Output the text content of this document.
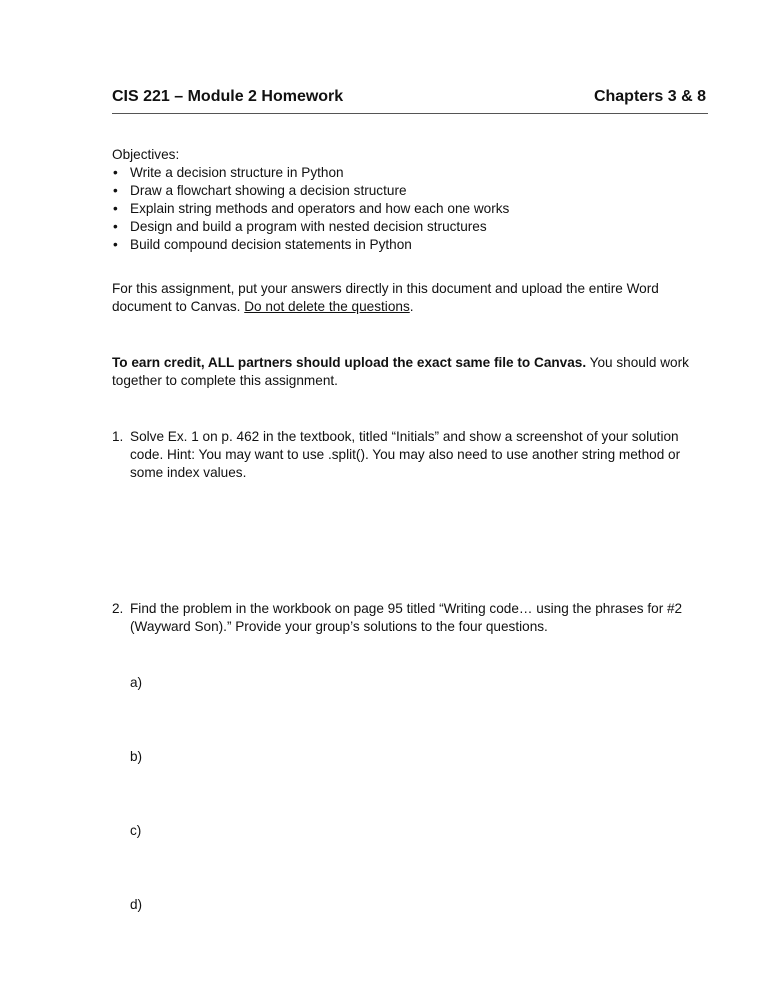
CIS 221 – Module 2 Homework	Chapters 3 & 8
Objectives:
• Write a decision structure in Python
• Draw a flowchart showing a decision structure
• Explain string methods and operators and how each one works
• Design and build a program with nested decision structures
• Build compound decision statements in Python
For this assignment, put your answers directly in this document and upload the entire Word document to Canvas. Do not delete the questions.
To earn credit, ALL partners should upload the exact same file to Canvas. You should work together to complete this assignment.
1. Solve Ex. 1 on p. 462 in the textbook, titled “Initials” and show a screenshot of your solution code. Hint: You may want to use .split(). You may also need to use another string method or some index values.
2. Find the problem in the workbook on page 95 titled “Writing code… using the phrases for #2 (Wayward Son).” Provide your group’s solutions to the four questions.
a)
b)
c)
d)
